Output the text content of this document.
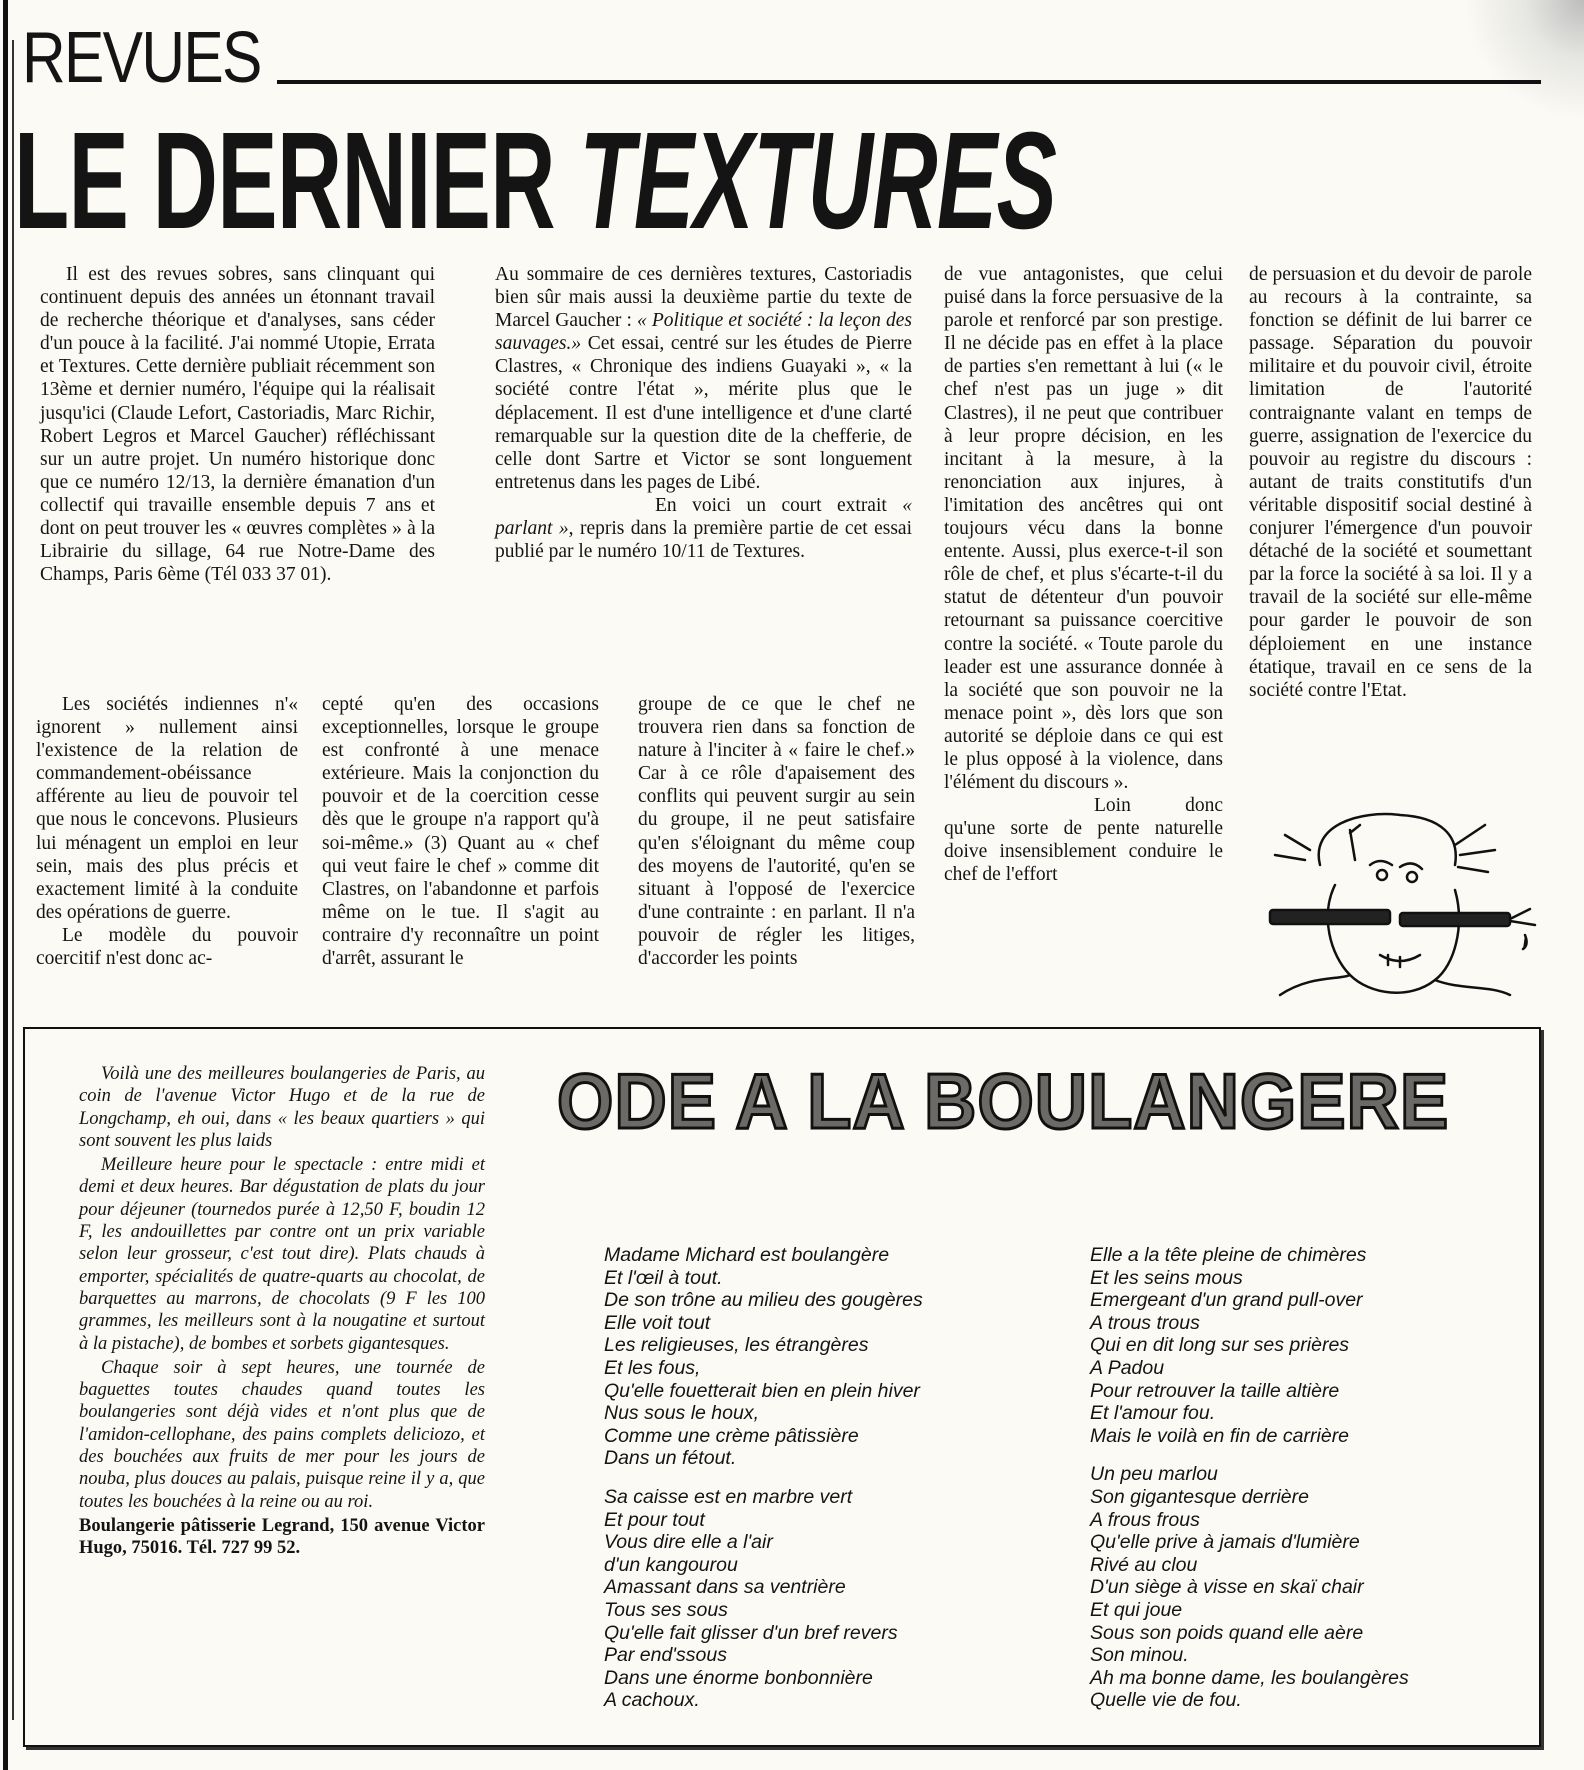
REVUES
LE DERNIER TEXTURES

Il est des revues sobres, sans clinquant qui continuent depuis des années un étonnant travail de recherche théorique et d'analyses, sans céder d'un pouce à la facilité. J'ai nommé Utopie, Errata et Textures. Cette dernière publiait récemment son 13ème et dernier numéro, l'équipe qui la réalisait jusqu'ici (Claude Lefort, Castoriadis, Marc Richir, Robert Legros et Marcel Gaucher) réfléchissant sur un autre projet. Un numéro historique donc que ce numéro 12/13, la dernière émanation d'un collectif qui travaille ensemble depuis 7 ans et dont on peut trouver les « œuvres complètes » à la Librairie du sillage, 64 rue Notre-Dame des Champs, Paris 6ème (Tél 033 37 01).

Au sommaire de ces dernières textures, Castoriadis bien sûr mais aussi la deuxième partie du texte de Marcel Gaucher : « Politique et société : la leçon des sauvages.» Cet essai, centré sur les études de Pierre Clastres, « Chronique des indiens Guayaki », « la société contre l'état », mérite plus que le déplacement. Il est d'une intelligence et d'une clarté remarquable sur la question dite de la chefferie, de celle dont Sartre et Victor se sont longuement entretenus dans les pages de Libé.

En voici un court extrait « parlant », repris dans la première partie de cet essai publié par le numéro 10/11 de Textures.

de vue antagonistes, que celui puisé dans la force persuasive de la parole et renforcé par son prestige. Il ne décide pas en effet à la place de parties s'en remettant à lui (« le chef n'est pas un juge » dit Clastres), il ne peut que contribuer à leur propre décision, en les incitant à la mesure, à la renonciation aux injures, à l'imitation des ancêtres qui ont toujours vécu dans la bonne entente. Aussi, plus exerce-t-il son rôle de chef, et plus s'écarte-t-il du statut de détenteur d'un pouvoir retournant sa puissance coercitive contre la société. « Toute parole du leader est une assurance donnée à la société que son pouvoir ne la menace point », dès lors que son autorité se déploie dans ce qui est le plus opposé à la violence, dans l'élément du discours ».

Loin donc qu'une sorte de pente naturelle doive insensiblement conduire le chef de l'effort

de persuasion et du devoir de parole au recours à la contrainte, sa fonction se définit de lui barrer ce passage. Séparation du pouvoir militaire et du pouvoir civil, étroite limitation de l'autorité contraignante valant en temps de guerre, assignation de l'exercice du pouvoir au registre du discours : autant de traits constitutifs d'un véritable dispositif social destiné à conjurer l'émergence d'un pouvoir détaché de la société et soumettant par la force la société à sa loi. Il y a travail de la société sur elle-même pour garder le pouvoir de son déploiement en une instance étatique, travail en ce sens de la société contre l'Etat.

Les sociétés indiennes n'« ignorent » nullement ainsi l'existence de la relation de commandement-obéissance afférente au lieu de pouvoir tel que nous le concevons. Plusieurs lui ménagent un emploi en leur sein, mais des plus précis et exactement limité à la conduite des opérations de guerre.

Le modèle du pouvoir coercitif n'est donc ac-

cepté qu'en des occasions exceptionnelles, lorsque le groupe est confronté à une menace extérieure. Mais la conjonction du pouvoir et de la coercition cesse dès que le groupe n'a rapport qu'à soi-même.» (3) Quant au « chef qui veut faire le chef » comme dit Clastres, on l'abandonne et parfois même on le tue. Il s'agit au contraire d'y reconnaître un point d'arrêt, assurant le

groupe de ce que le chef ne trouvera rien dans sa fonction de nature à l'inciter à « faire le chef.» Car à ce rôle d'apaisement des conflits qui peuvent surgir au sein du groupe, il ne peut satisfaire qu'en s'éloignant du même coup des moyens de l'autorité, qu'en se situant à l'opposé de l'exercice d'une contrainte : en parlant. Il n'a pouvoir de régler les litiges, d'accorder les points

Voilà une des meilleures boulangeries de Paris, au coin de l'avenue Victor Hugo et de la rue de Longchamp, eh oui, dans « les beaux quartiers » qui sont souvent les plus laids

Meilleure heure pour le spectacle : entre midi et demi et deux heures. Bar dégustation de plats du jour pour déjeuner (tournedos purée à 12,50 F, boudin 12 F, les andouillettes par contre ont un prix variable selon leur grosseur, c'est tout dire). Plats chauds à emporter, spécialités de quatre-quarts au chocolat, de barquettes au marrons, de chocolats (9 F les 100 grammes, les meilleurs sont à la nougatine et surtout à la pistache), de bombes et sorbets gigantesques.

Chaque soir à sept heures, une tournée de baguettes toutes chaudes quand toutes les boulangeries sont déjà vides et n'ont plus que de l'amidon-cellophane, des pains complets deliciozo, et des bouchées aux fruits de mer pour les jours de nouba, plus douces au palais, puisque reine il y a, que toutes les bouchées à la reine ou au roi.

Boulangerie pâtisserie Legrand, 150 avenue Victor Hugo, 75016. Tél. 727 99 52.

ODE A LA BOULANGERE
Madame Michard est boulangère
Et l'œil à tout.
De son trône au milieu des gougères
Elle voit tout
Les religieuses, les étrangères
Et les fous,
Qu'elle fouetterait bien en plein hiver
Nus sous le houx,
Comme une crème pâtissière
Dans un fétout.
Sa caisse est en marbre vert
Et pour tout
Vous dire elle a l'air
d'un kangourou
Amassant dans sa ventrière
Tous ses sous
Qu'elle fait glisser d'un bref revers
Par end'ssous
Dans une énorme bonbonnière
A cachoux.
Elle a la tête pleine de chimères
Et les seins mous
Emergeant d'un grand pull-over
A trous trous
Qui en dit long sur ses prières
A Padou
Pour retrouver la taille altière
Et l'amour fou.
Mais le voilà en fin de carrière
Un peu marlou
Son gigantesque derrière
A frous frous
Qu'elle prive à jamais d'lumière
Rivé au clou
D'un siège à visse en skaï chair
Et qui joue
Sous son poids quand elle aère
Son minou.
Ah ma bonne dame, les boulangères
Quelle vie de fou.
